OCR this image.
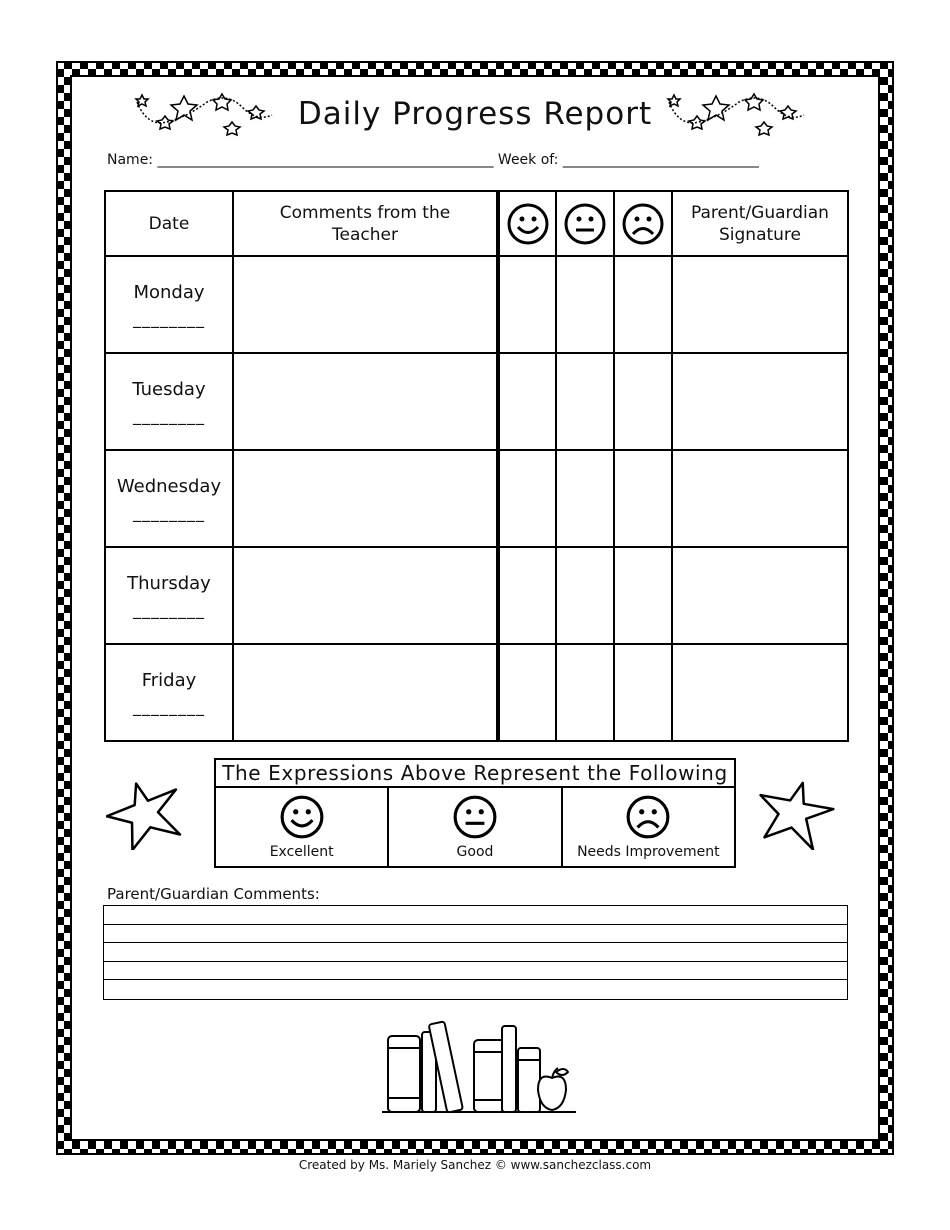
Daily Progress Report
Name: ________________________________________________ Week of: ____________________________
Date	Comments from the Teacher				Parent/Guardian Signature

Monday
________					

Tuesday
________					

Wednesday
________					

Thursday
________					

Friday
________					

The Expressions Above Represent the Following

Excellent	Good	Needs Improvement
Parent/Guardian Comments:
Created by Ms. Mariely Sanchez © www.sanchezclass.com
